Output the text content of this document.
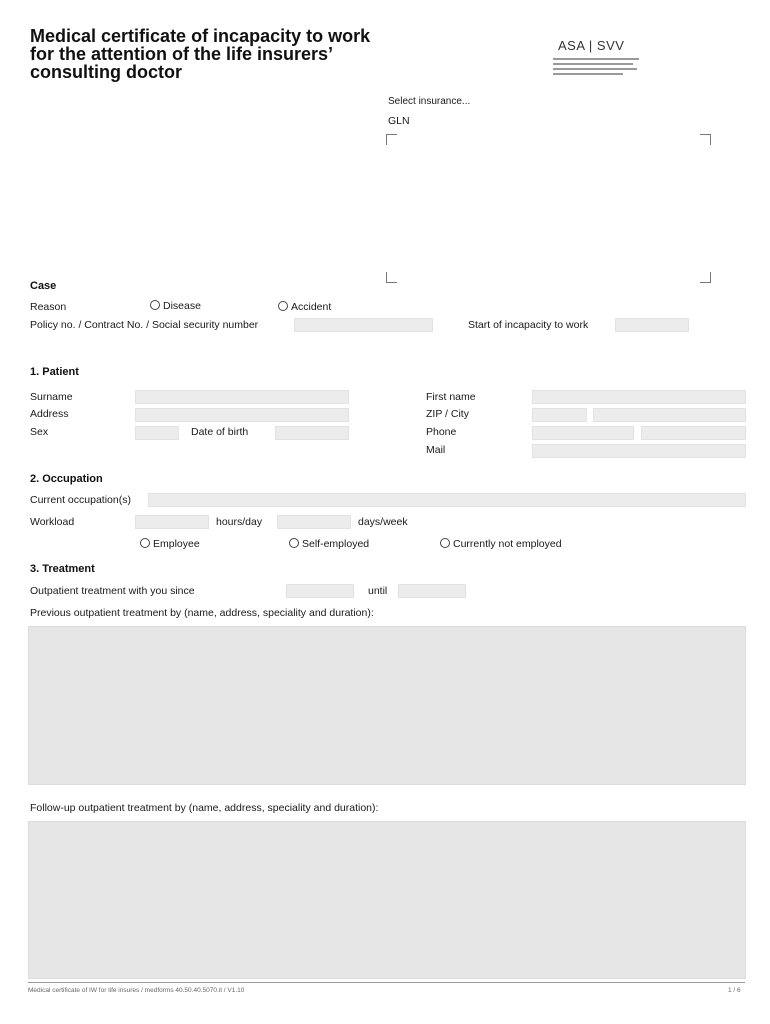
Medical certificate of incapacity to work for the attention of the life insurers’ consulting doctor
ASA | SVV
Select insurance...
GLN
Case
Reason	Disease	Accident
Policy no. / Contract No. / Social security number	Start of incapacity to work
1. Patient
Surname
Address
Sex	Date of birth
First name
ZIP / City
Phone
Mail
2. Occupation
Current occupation(s)
Workload	hours/day	days/week
Employee	Self-employed	Currently not employed
3. Treatment
Outpatient treatment with you since	until
Previous outpatient treatment by (name, address, speciality and duration):
Follow-up outpatient treatment by (name, address, speciality and duration):
Medical certificate of IW for life insures / medforms 40.50.40.5070.it / V1.10	1 / 6
